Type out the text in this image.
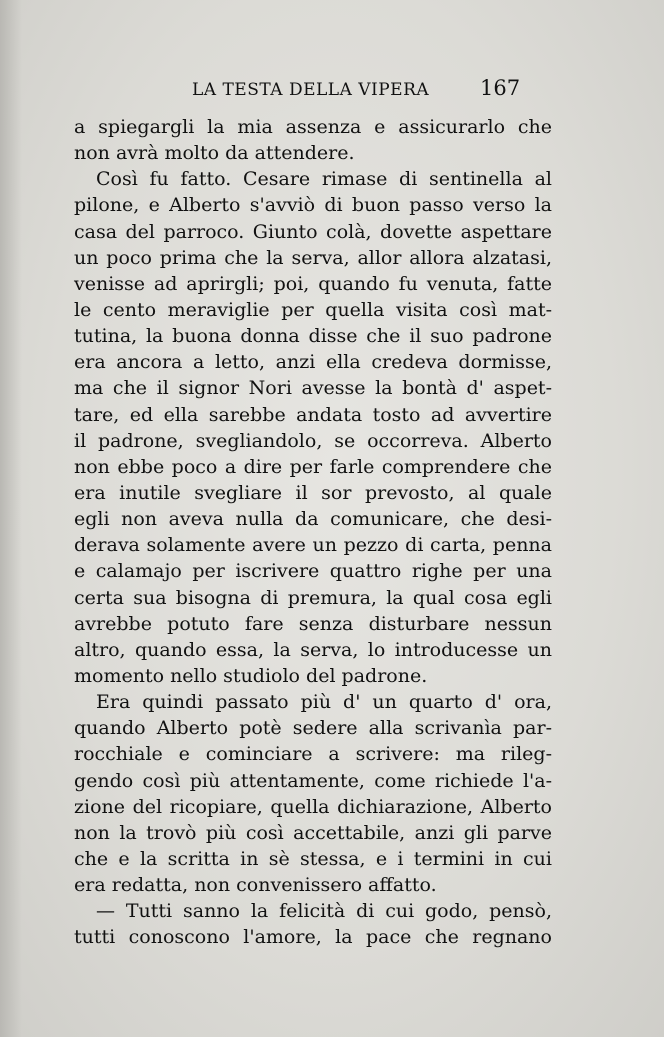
LA TESTA DELLA VIPERA 167
a spiegargli la mia assenza e assicurarlo che
non avrà molto da attendere.
Così fu fatto. Cesare rimase di sentinella al
pilone, e Alberto s'avviò di buon passo verso la
casa del parroco. Giunto colà, dovette aspettare
un poco prima che la serva, allor allora alzatasi,
venisse ad aprirgli; poi, quando fu venuta, fatte
le cento meraviglie per quella visita così mat-
tutina, la buona donna disse che il suo padrone
era ancora a letto, anzi ella credeva dormisse,
ma che il signor Nori avesse la bontà d' aspet-
tare, ed ella sarebbe andata tosto ad avvertire
il padrone, svegliandolo, se occorreva. Alberto
non ebbe poco a dire per farle comprendere che
era inutile svegliare il sor prevosto, al quale
egli non aveva nulla da comunicare, che desi-
derava solamente avere un pezzo di carta, penna
e calamajo per iscrivere quattro righe per una
certa sua bisogna di premura, la qual cosa egli
avrebbe potuto fare senza disturbare nessun
altro, quando essa, la serva, lo introducesse un
momento nello studiolo del padrone.
Era quindi passato più d' un quarto d' ora,
quando Alberto potè sedere alla scrivanìa par-
rocchiale e cominciare a scrivere: ma rileg-
gendo così più attentamente, come richiede l'a-
zione del ricopiare, quella dichiarazione, Alberto
non la trovò più così accettabile, anzi gli parve
che e la scritta in sè stessa, e i termini in cui
era redatta, non convenissero affatto.
— Tutti sanno la felicità di cui godo, pensò,
tutti conoscono l'amore, la pace che regnano
